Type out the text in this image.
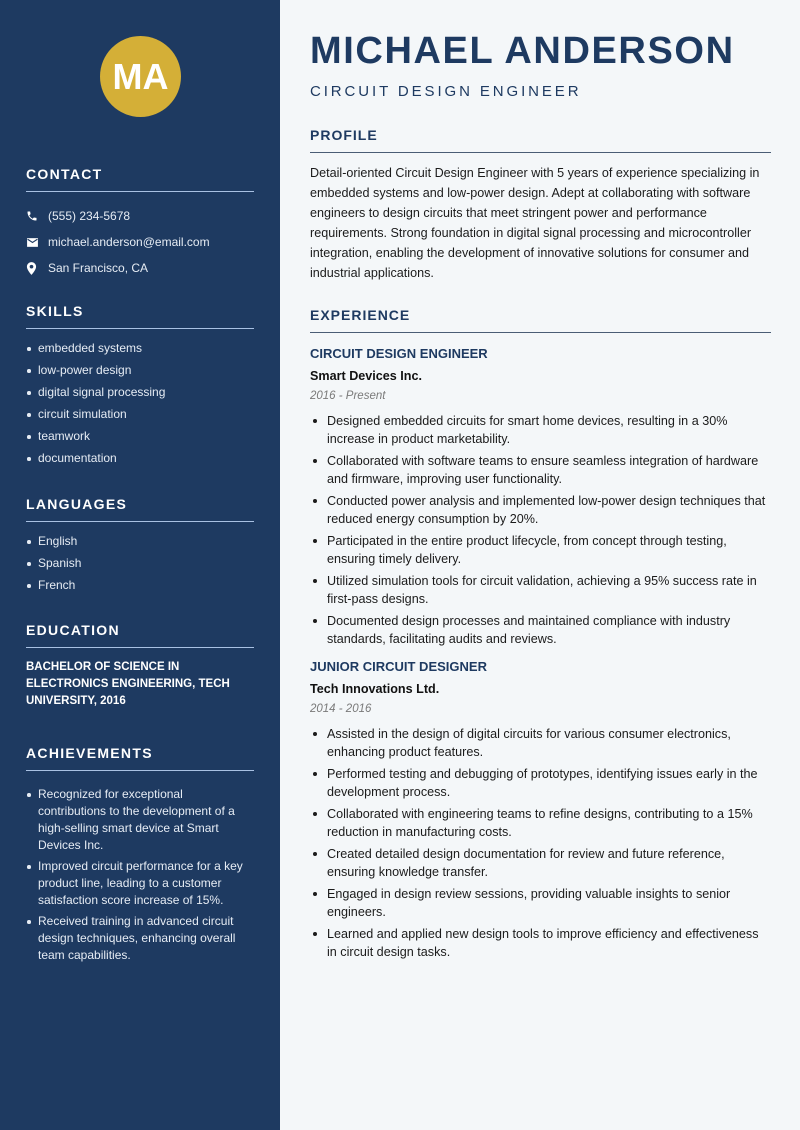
MA
CONTACT
(555) 234-5678
michael.anderson@email.com
San Francisco, CA
SKILLS
embedded systems
low-power design
digital signal processing
circuit simulation
teamwork
documentation
LANGUAGES
English
Spanish
French
EDUCATION

BACHELOR OF SCIENCE IN ELECTRONICS ENGINEERING, TECH UNIVERSITY, 2016

ACHIEVEMENTS
Recognized for exceptional contributions to the development of a high-selling smart device at Smart Devices Inc.
Improved circuit performance for a key product line, leading to a customer satisfaction score increase of 15%.
Received training in advanced circuit design techniques, enhancing overall team capabilities.
MICHAEL ANDERSON
CIRCUIT DESIGN ENGINEER
PROFILE

Detail-oriented Circuit Design Engineer with 5 years of experience specializing in embedded systems and low-power design. Adept at collaborating with software engineers to design circuits that meet stringent power and performance requirements. Strong foundation in digital signal processing and microcontroller integration, enabling the development of innovative solutions for consumer and industrial applications.

EXPERIENCE
CIRCUIT DESIGN ENGINEER
Smart Devices Inc.
2016 - Present
Designed embedded circuits for smart home devices, resulting in a 30% increase in product marketability.
Collaborated with software teams to ensure seamless integration of hardware and firmware, improving user functionality.
Conducted power analysis and implemented low-power design techniques that reduced energy consumption by 20%.
Participated in the entire product lifecycle, from concept through testing, ensuring timely delivery.
Utilized simulation tools for circuit validation, achieving a 95% success rate in first-pass designs.
Documented design processes and maintained compliance with industry standards, facilitating audits and reviews.
JUNIOR CIRCUIT DESIGNER
Tech Innovations Ltd.
2014 - 2016
Assisted in the design of digital circuits for various consumer electronics, enhancing product features.
Performed testing and debugging of prototypes, identifying issues early in the development process.
Collaborated with engineering teams to refine designs, contributing to a 15% reduction in manufacturing costs.
Created detailed design documentation for review and future reference, ensuring knowledge transfer.
Engaged in design review sessions, providing valuable insights to senior engineers.
Learned and applied new design tools to improve efficiency and effectiveness in circuit design tasks.
